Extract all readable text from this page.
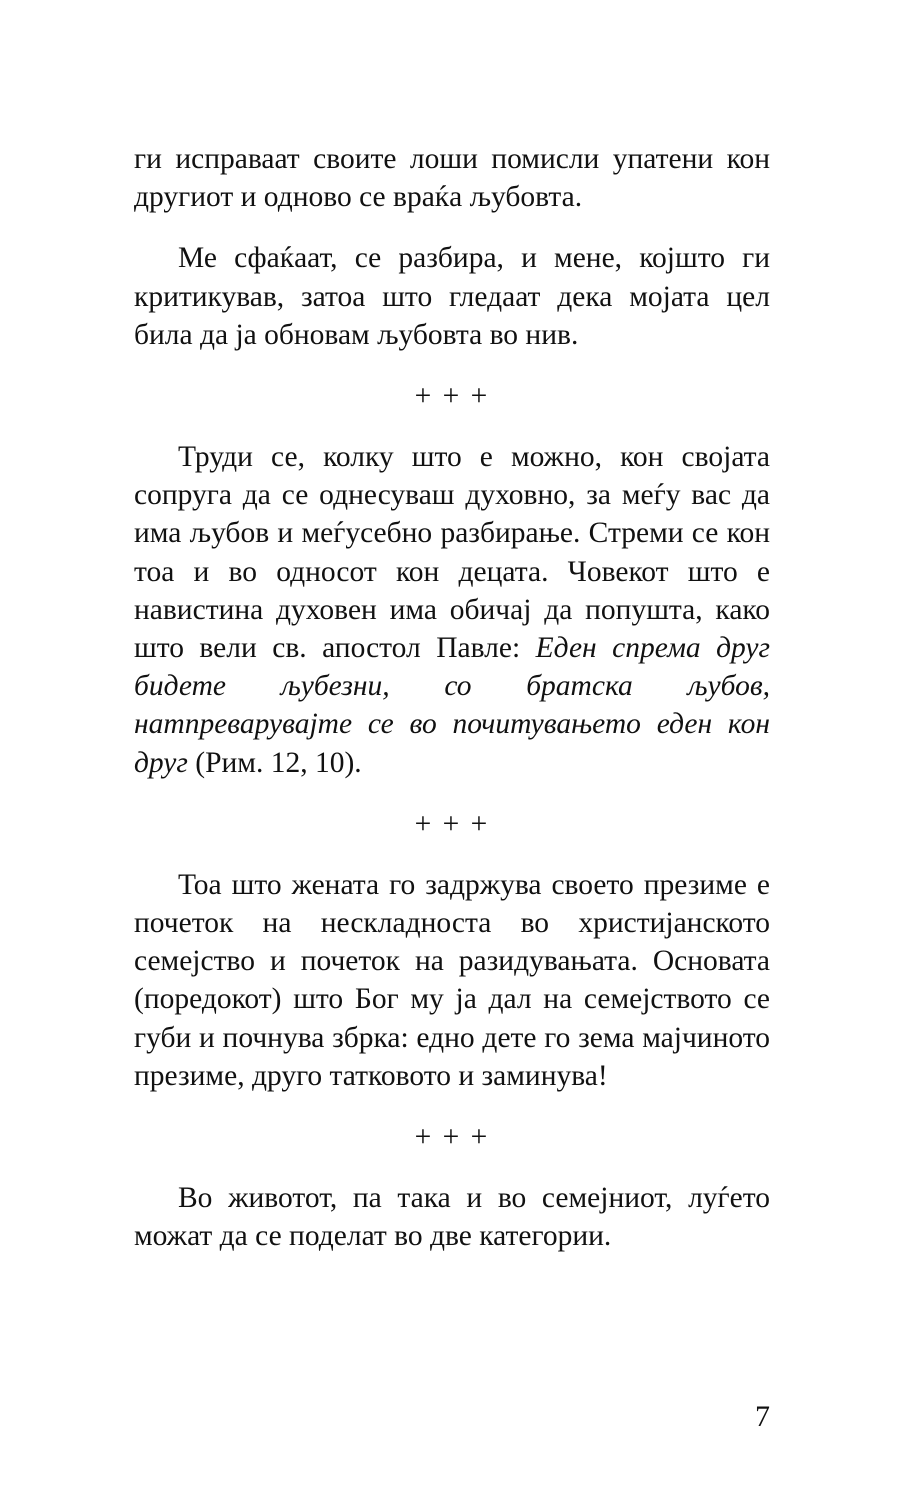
ги исправаат своите лоши помисли упатени кон другиот и одново се враќа љубовта.

Ме сфаќаат, се разбира, и мене, којшто ги критикував, затоа што гледаат дека мојата цел била да ја обновам љубовта во нив.

+ + +

Труди се, колку што е можно, кон својата сопруга да се однесуваш духовно, за меѓу вас да има љубов и меѓусебно разбирање. Стреми се кон тоа и во односот кон децата. Човекот што е навистина духовен има обичај да попушта, како што вели св. апостол Павле: Еден спрема друг бидете љубезни, со братска љубов, натпреварувајте се во почитувањето еден кон друг (Рим. 12, 10).

+ + +

Тоа што жената го задржува своето презиме е почеток на нескладноста во христијанското семејство и почеток на разидувањата. Основата (поредокот) што Бог му ја дал на семејството се губи и почнува збрка: едно дете го зема мајчиното презиме, друго татковото и заминува!

+ + +

Во животот, па така и во семејниот, луѓето можат да се поделат во две категории.

7
